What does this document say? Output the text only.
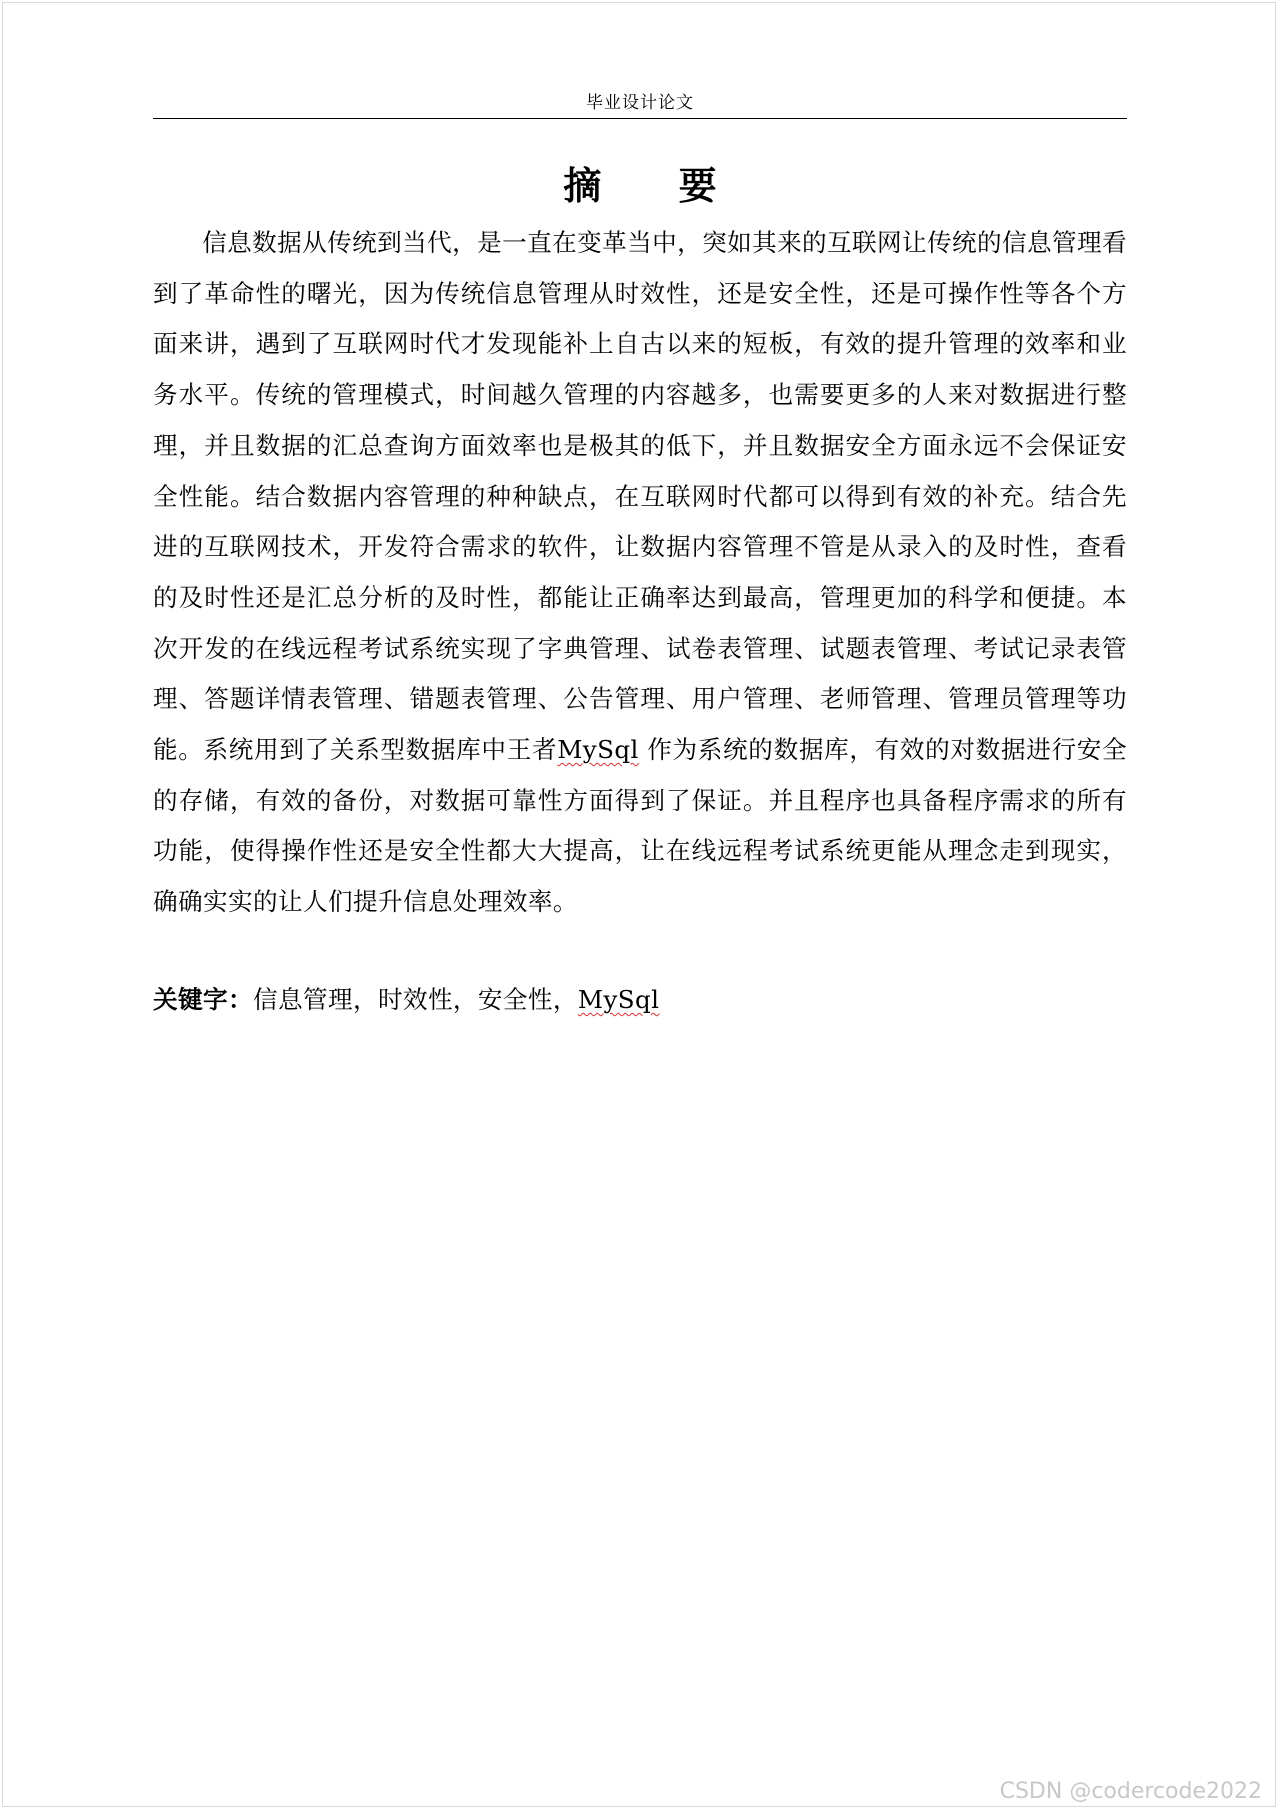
毕业设计论文
摘 要

信息数据从传统到当代，是一直在变革当中，突如其来的互联网让传统的信息管理看到了革命性的曙光，因为传统信息管理从时效性，还是安全性，还是可操作性等各个方面来讲，遇到了互联网时代才发现能补上自古以来的短板，有效的提升管理的效率和业务水平。传统的管理模式，时间越久管理的内容越多，也需要更多的人来对数据进行整理，并且数据的汇总查询方面效率也是极其的低下，并且数据安全方面永远不会保证安全性能。结合数据内容管理的种种缺点，在互联网时代都可以得到有效的补充。结合先进的互联网技术，开发符合需求的软件，让数据内容管理不管是从录入的及时性，查看的及时性还是汇总分析的及时性，都能让正确率达到最高，管理更加的科学和便捷。本次开发的在线远程考试系统实现了字典管理、试卷表管理、试题表管理、考试记录表管理、答题详情表管理、错题表管理、公告管理、用户管理、老师管理、管理员管理等功能。系统用到了关系型数据库中王者MySql 作为系统的数据库，有效的对数据进行安全的存储，有效的备份，对数据可靠性方面得到了保证。并且程序也具备程序需求的所有功能，使得操作性还是安全性都大大提高，让在线远程考试系统更能从理念走到现实，确确实实的让人们提升信息处理效率。

关键字：信息管理，时效性，安全性，MySql
CSDN @codercode2022
